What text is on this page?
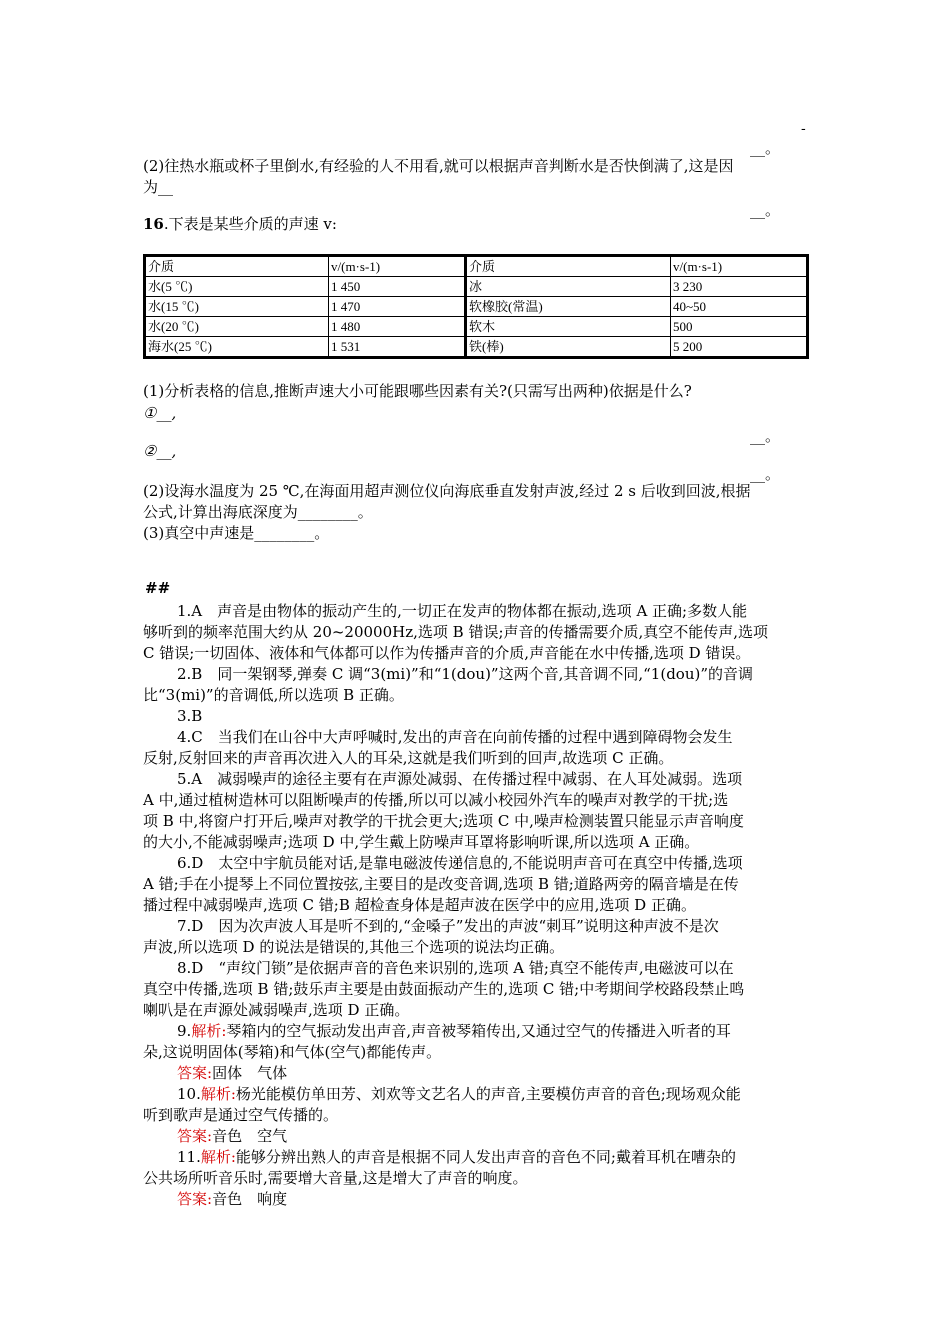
-
__。
(2)往热水瓶或杯子里倒水,有经验的人不用看,就可以根据声音判断水是否快倒满了,这是因
为__
__。
16.下表是某些介质的声速 v:
介质	v/(m·s-1)	介质	v/(m·s-1)
水(5 ℃)	1 450	冰	3 230
水(15 ℃)	1 470	软橡胶(常温)	40~50
水(20 ℃)	1 480	软木	500
海水(25 ℃)	1 531	铁(棒)	5 200
(1)分析表格的信息,推断声速大小可能跟哪些因素有关?(只需写出两种)依据是什么?
①__,
__。
②__,
__。
(2)设海水温度为 25 ℃,在海面用超声测位仪向海底垂直发射声波,经过 2 s 后收到回波,根据
公式,计算出海底深度为________。
(3)真空中声速是________。
##
1.A　声音是由物体的振动产生的,一切正在发声的物体都在振动,选项 A 正确;多数人能
够听到的频率范围大约从 20~20000Hz,选项 B 错误;声音的传播需要介质,真空不能传声,选项
C 错误;一切固体、液体和气体都可以作为传播声音的介质,声音能在水中传播,选项 D 错误。
2.B　同一架钢琴,弹奏 C 调“3(mi)”和“1(dou)”这两个音,其音调不同,“1(dou)”的音调
比“3(mi)”的音调低,所以选项 B 正确。
3.B
4.C　当我们在山谷中大声呼喊时,发出的声音在向前传播的过程中遇到障碍物会发生
反射,反射回来的声音再次进入人的耳朵,这就是我们听到的回声,故选项 C 正确。
5.A　减弱噪声的途径主要有在声源处减弱、在传播过程中减弱、在人耳处减弱。选项
A 中,通过植树造林可以阻断噪声的传播,所以可以减小校园外汽车的噪声对教学的干扰;选
项 B 中,将窗户打开后,噪声对教学的干扰会更大;选项 C 中,噪声检测装置只能显示声音响度
的大小,不能减弱噪声;选项 D 中,学生戴上防噪声耳罩将影响听课,所以选项 A 正确。
6.D　太空中宇航员能对话,是靠电磁波传递信息的,不能说明声音可在真空中传播,选项
A 错;手在小提琴上不同位置按弦,主要目的是改变音调,选项 B 错;道路两旁的隔音墙是在传
播过程中减弱噪声,选项 C 错;B 超检查身体是超声波在医学中的应用,选项 D 正确。
7.D　因为次声波人耳是听不到的,“金嗓子”发出的声波“刺耳”说明这种声波不是次
声波,所以选项 D 的说法是错误的,其他三个选项的说法均正确。
8.D　“声纹门锁”是依据声音的音色来识别的,选项 A 错;真空不能传声,电磁波可以在
真空中传播,选项 B 错;鼓乐声主要是由鼓面振动产生的,选项 C 错;中考期间学校路段禁止鸣
喇叭是在声源处减弱噪声,选项 D 正确。
9.解析:琴箱内的空气振动发出声音,声音被琴箱传出,又通过空气的传播进入听者的耳
朵,这说明固体(琴箱)和气体(空气)都能传声。
答案:固体　气体
10.解析:杨光能模仿单田芳、刘欢等文艺名人的声音,主要模仿声音的音色;现场观众能
听到歌声是通过空气传播的。
答案:音色　空气
11.解析:能够分辨出熟人的声音是根据不同人发出声音的音色不同;戴着耳机在嘈杂的
公共场所听音乐时,需要增大音量,这是增大了声音的响度。
答案:音色　响度
